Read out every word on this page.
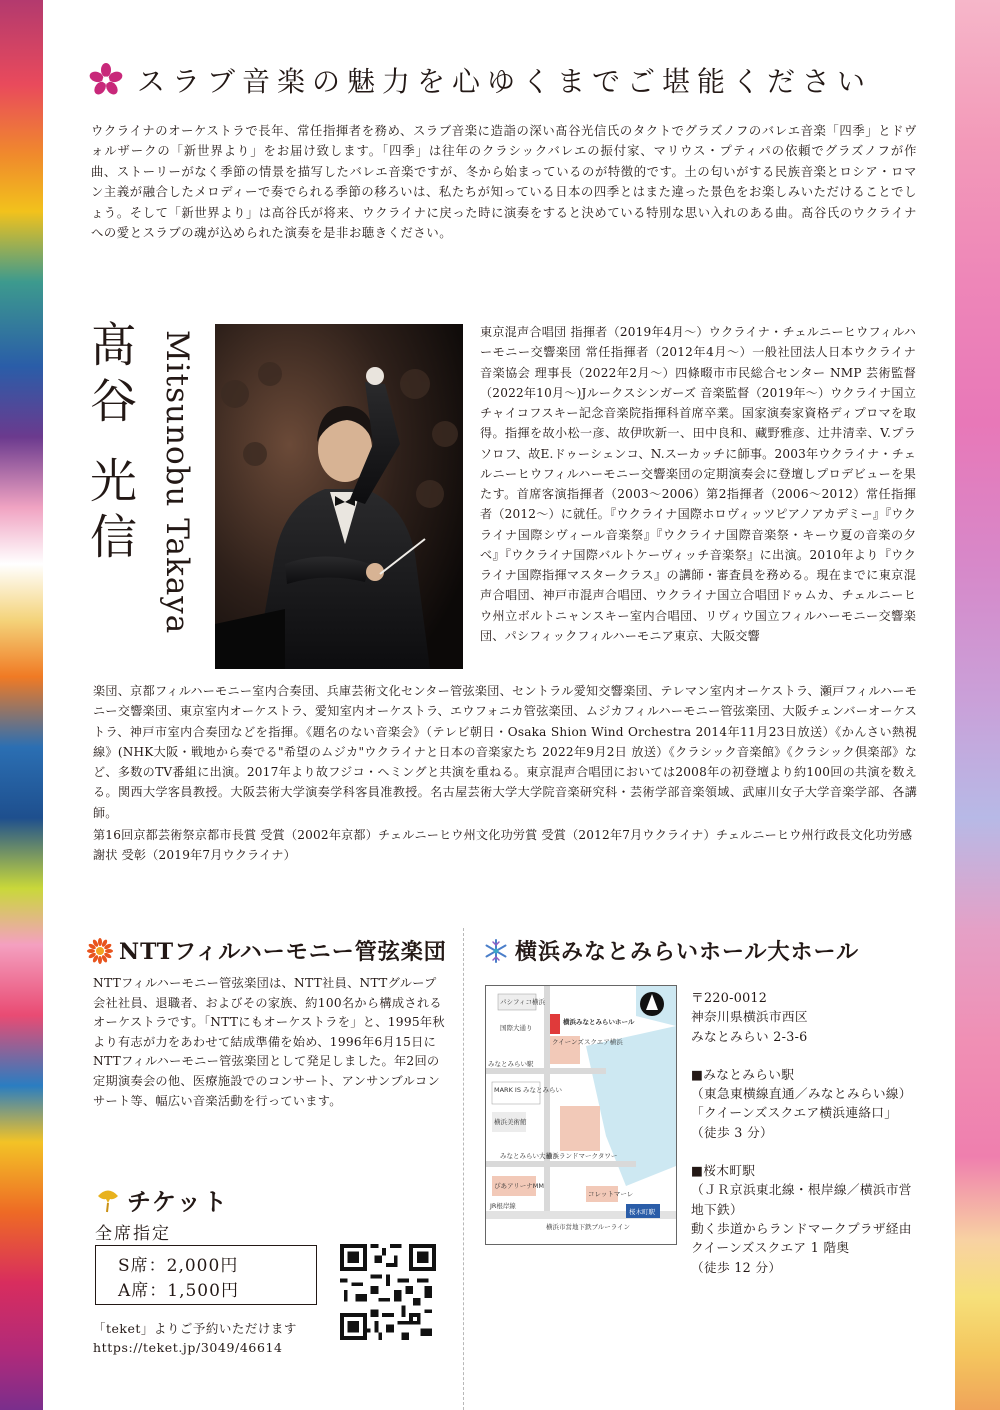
スラブ音楽の魅力を心ゆくまでご堪能ください

ウクライナのオーケストラで長年、常任指揮者を務め、スラブ音楽に造詣の深い髙谷光信氏のタクトでグラズノフのバレエ音楽「四季」とドヴォルザークの「新世界より」をお届け致します。「四季」は往年のクラシックバレエの振付家、マリウス・プティパの依頼でグラズノフが作曲、ストーリーがなく季節の情景を描写したバレエ音楽ですが、冬から始まっているのが特徴的です。土の匂いがする民族音楽とロシア・ロマン主義が融合したメロディーで奏でられる季節の移ろいは、私たちが知っている日本の四季とはまた違った景色をお楽しみいただけることでしょう。そして「新世界より」は高谷氏が将来、ウクライナに戻った時に演奏をすると決めている特別な思い入れのある曲。髙谷氏のウクライナへの愛とスラブの魂が込められた演奏を是非お聴きください。

髙谷 光信 Mitsunobu Takaya	東京混声合唱団 指揮者（2019年4月～）ウクライナ・チェルニーヒウフィルハーモニー交響楽団 常任指揮者（2012年4月～）一般社団法人日本ウクライナ音楽協会 理事長（2022年2月～）四條畷市市民総合センター NMP 芸術監督（2022年10月～)Jルークスシンガーズ 音楽監督（2019年～）ウクライナ国立チャイコフスキー記念音楽院指揮科首席卒業。国家演奏家資格ディプロマを取得。指揮を故小松一彦、故伊吹新一、田中良和、藏野雅彦、辻井清幸、V.プラソロフ、故E.ドゥーシェンコ、N.スーカッチに師事。2003年ウクライナ・チェルニーヒウフィルハーモニー交響楽団の定期演奏会に登壇しプロデビューを果たす。首席客演指揮者（2003～2006）第2指揮者（2006～2012）常任指揮者（2012～）に就任。『ウクライナ国際ホロヴィッツピアノアカデミー』『ウクライナ国際シヴィール音楽祭』『ウクライナ国際音楽祭・キーウ夏の音楽の夕べ』『ウクライナ国際バルトケーヴィッチ音楽祭』に出演。2010年より『ウクライナ国際指揮マスタークラス』の講師・審査員を務める。現在までに東京混声合唱団、神戸市混声合唱団、ウクライナ国立合唱団ドゥムカ、チェルニーヒウ州立ボルトニャンスキー室内合唱団、リヴィウ国立フィルハーモニー交響楽団、パシフィックフィルハーモニア東京、大阪交響

楽団、京都フィルハーモニー室内合奏団、兵庫芸術文化センター管弦楽団、セントラル愛知交響楽団、テレマン室内オーケストラ、瀬戸フィルハーモニー交響楽団、東京室内オーケストラ、愛知室内オーケストラ、エウフォニカ管弦楽団、ムジカフィルハーモニー管弦楽団、大阪チェンバーオーケストラ、神戸市室内合奏団などを指揮。《題名のない音楽会》（テレビ朝日・Osaka Shion Wind Orchestra 2014年11月23日放送）《かんさい熱視線》(NHK大阪・戦地から奏でる"希望のムジカ"ウクライナと日本の音楽家たち 2022年9月2日 放送）《クラシック音楽館》《クラシック倶楽部》など、多数のTV番組に出演。2017年より故フジコ・ヘミングと共演を重ねる。東京混声合唱団においては2008年の初登壇より約100回の共演を数える。関西大学客員教授。大阪芸術大学演奏学科客員准教授。名古屋芸術大学大学院音楽研究科・芸術学部音楽領域、武庫川女子大学音楽学部、各講師。

第16回京都芸術祭京都市長賞 受賞（2002年京都）チェルニーヒウ州文化功労賞 受賞（2012年7月ウクライナ）チェルニーヒウ州行政長文化功労感謝状 受彰（2019年7月ウクライナ）

NTTフィルハーモニー管弦楽団

NTTフィルハーモニー管弦楽団は、NTT社員、NTTグループ会社社員、退職者、およびその家族、約100名から構成されるオーケストラです。「NTTにもオーケストラを」と、1995年秋より有志が力をあわせて結成準備を始め、1996年6月15日にNTTフィルハーモニー管弦楽団として発足しました。年2回の定期演奏会の他、医療施設でのコンサート、アンサンブルコンサート等、幅広い音楽活動を行っています。

チケット
全席指定
S席：2,000円
A席：1,500円
「teket」よりご予約いただけます
https://teket.jp/3049/46614
横浜みなとみらいホール大ホール
パシフィコ横浜
横浜みなとみらいホール
クイーンズスクエア横浜
国際大通り
みなとみらい駅
MARK IS みなとみらい
横浜美術館
横浜ランドマークタワー
みなとみらい大通り
ぴあアリーナMM
コレットマーレ
JR根岸線
横浜市営地下鉄ブルーライン
桜木町駅
〒220-0012
神奈川県横浜市西区
みなとみらい 2-3-6
■みなとみらい駅
（東急東横線直通／みなとみらい線）
「クイーンズスクエア横浜連絡口」
（徒歩 3 分）
■桜木町駅
（ＪＲ京浜東北線・根岸線／横浜市営
地下鉄）
動く歩道からランドマークプラザ経由
クイーンズスクエア 1 階奥
（徒歩 12 分）
